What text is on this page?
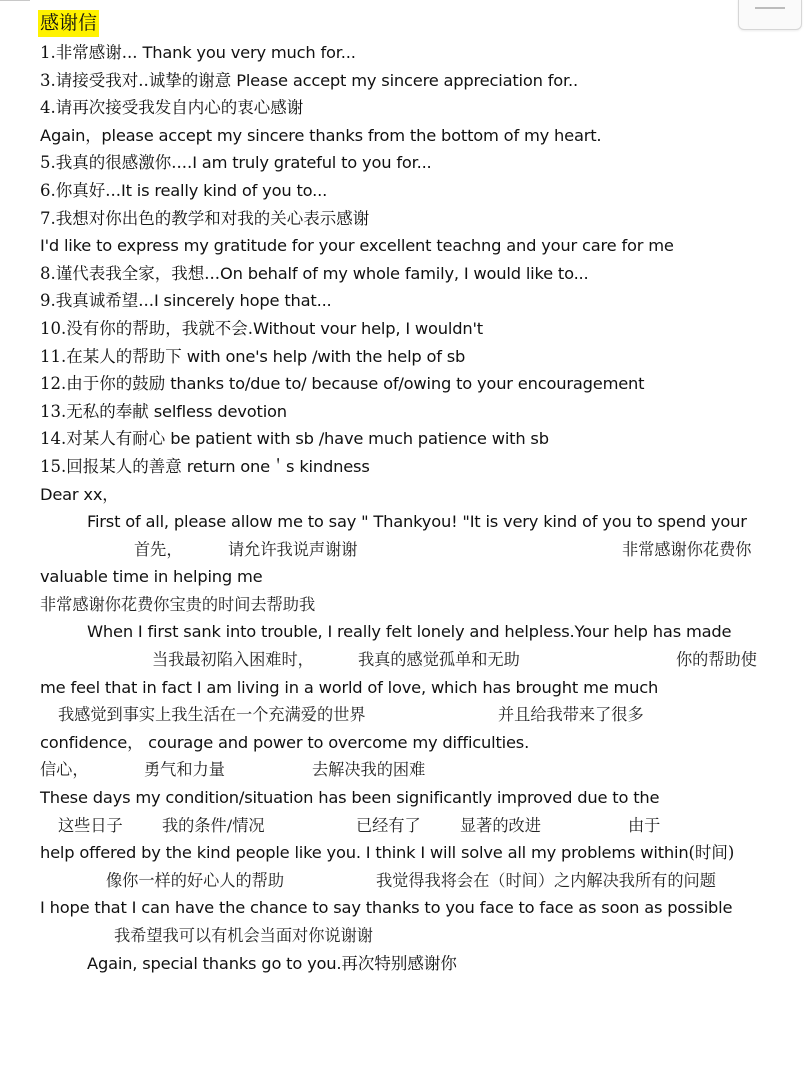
感谢信
1.非常感谢... Thank you very much for...
3.请接受我对..诚挚的谢意 Please accept my sincere appreciation for..
4.请再次接受我发自内心的衷心感谢
Again，please accept my sincere thanks from the bottom of my heart.
5.我真的很感激你....I am truly grateful to you for...
6.你真好...It is really kind of you to...
7.我想对你出色的教学和对我的关心表示感谢
I'd like to express my gratitude for your excellent teachng and your care for me
8.谨代表我全家，我想...On behalf of my whole family, I would like to...
9.我真诚希望...I sincerely hope that...
10.没有你的帮助，我就不会.Without vour help, I wouldn't
11.在某人的帮助下 with one's help /with the help of sb
12.由于你的鼓励 thanks to/due to/ because of/owing to your encouragement
13.无私的奉献 selfless devotion
14.对某人有耐心 be patient with sb /have much patience with sb
15.回报某人的善意 return one＇s kindness
Dear xx，
First of all, please allow me to say " Thankyou! "It is very kind of you to spend your
首先，	请允许我说声谢谢	非常感谢你花费你
valuable time in helping me
非常感谢你花费你宝贵的时间去帮助我
When I first sank into trouble, I really felt lonely and helpless.Your help has made
当我最初陷入困难时，	我真的感觉孤单和无助	你的帮助使
me feel that in fact I am living in a world of love, which has brought me much
我感觉到事实上我生活在一个充满爱的世界	并且给我带来了很多
confidence， courage and power to overcome my difficulties.
信心，	勇气和力量	去解决我的困难
These days my condition/situation has been significantly improved due to the
这些日子 我的条件/情况	已经有了 显著的改进	由于
help offered by the kind people like you. I think I will solve all my problems within(时间)
像你一样的好心人的帮助	我觉得我将会在（时间）之内解决我所有的问题
I hope that I can have the chance to say thanks to you face to face as soon as possible
我希望我可以有机会当面对你说谢谢
Again, special thanks go to you.再次特别感谢你
